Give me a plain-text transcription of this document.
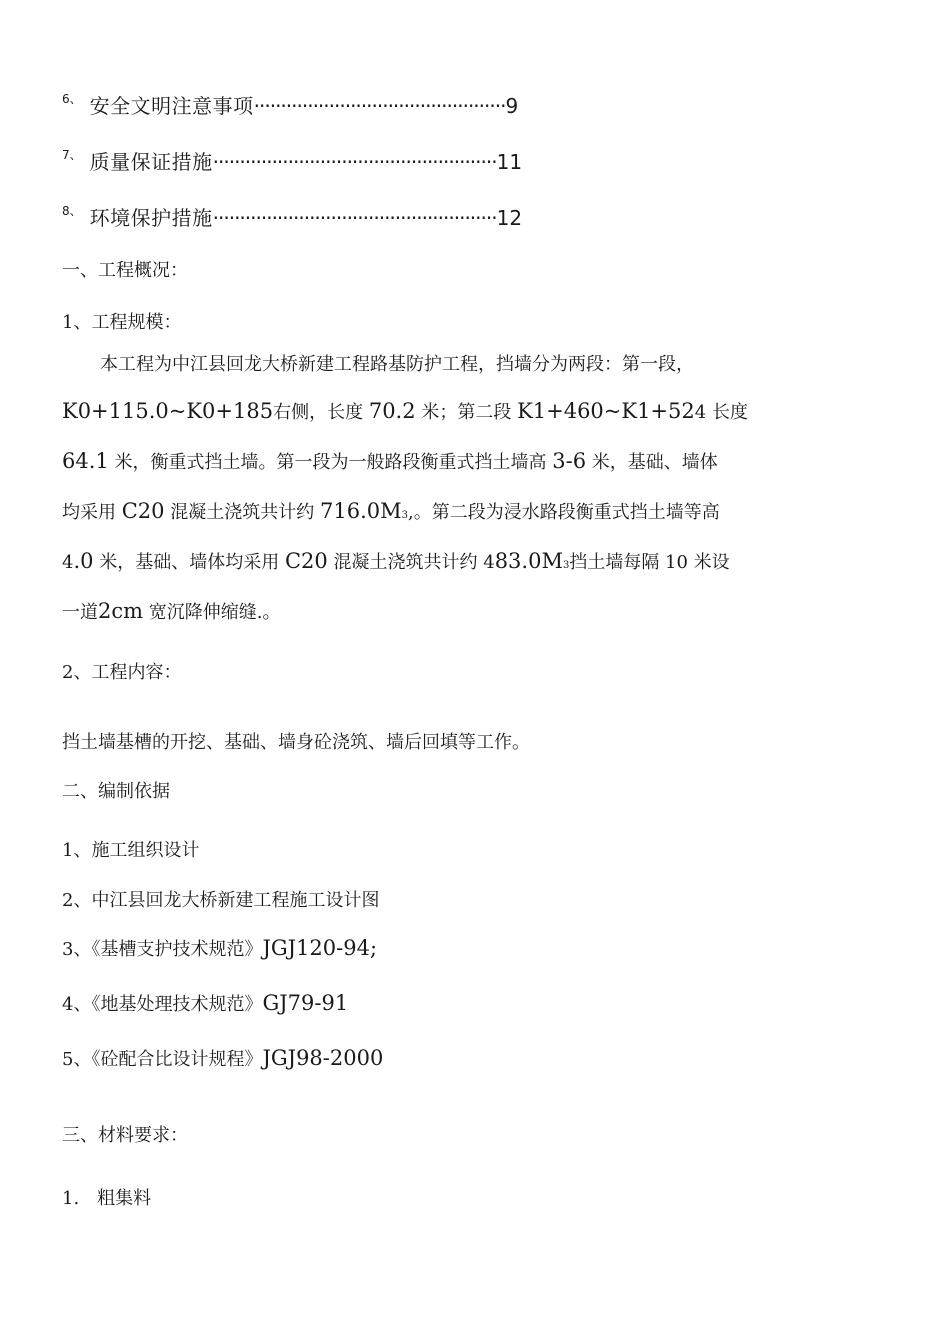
$^{6、}$ 安全文明注意事项···············································9
$^{7、}$ 质量保证措施·····················································11
$^{8、}$ 环境保护措施·····················································12
一、工程概况：
1、工程规模：
本工程为中江县回龙大桥新建工程路基防护工程，挡墙分为两段：第一段，
K0+115.0~K0+185右侧，长度 70.2 米；第二段 K1+460~K1+524 长度
64.1 米，衡重式挡土墙。第一段为一般路段衡重式挡土墙高 3-6 米，基础、墙体
均采用 C20 混凝土浇筑共计约 716.0M3,。第二段为浸水路段衡重式挡土墙等高
4.0 米，基础、墙体均采用 C20 混凝土浇筑共计约 483.0M3挡土墙每隔 10 米设
一道2cm 宽沉降伸缩缝.。
2、工程内容：
挡土墙基槽的开挖、基础、墙身砼浇筑、墙后回填等工作。
二、编制依据
1、施工组织设计
2、中江县回龙大桥新建工程施工设计图
3、《基槽支护技术规范》JGJ120-94;
4、《地基处理技术规范》GJ79-91
5、《砼配合比设计规程》JGJ98-2000
三、材料要求：
1.　粗集料
